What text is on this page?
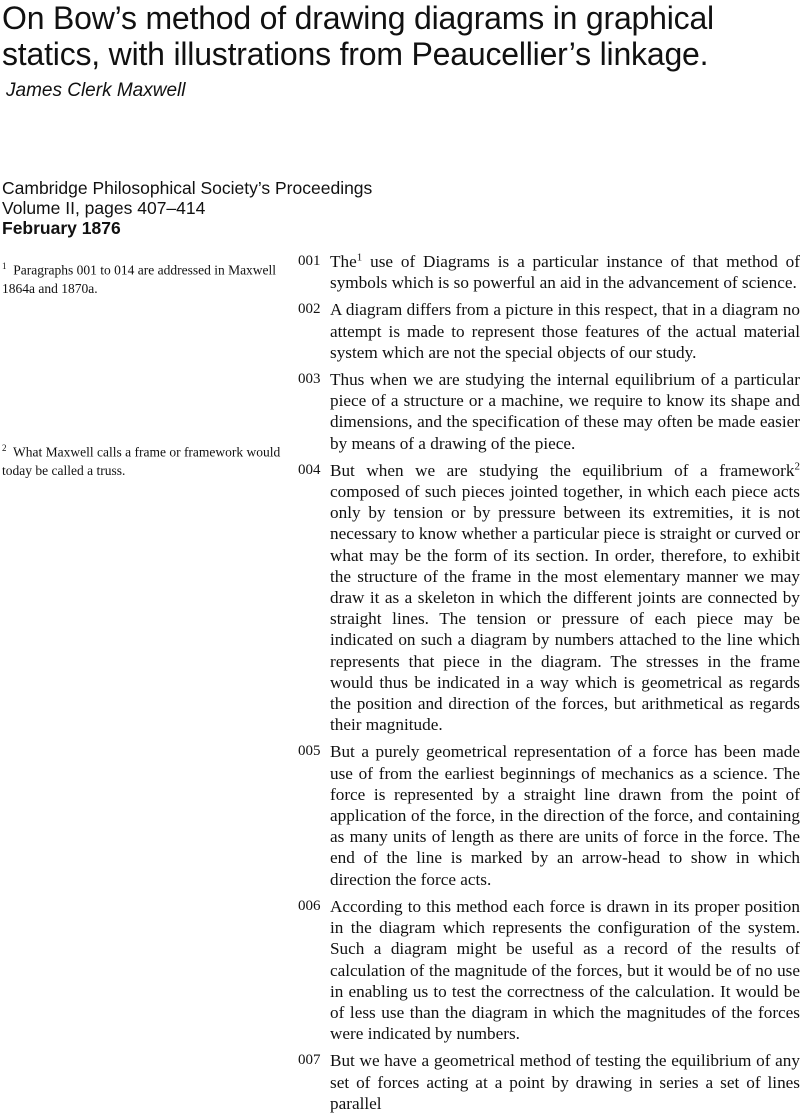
On Bow’s method of drawing diagrams in graphical statics, with illustrations from Peaucellier’s linkage.
James Clerk Maxwell
Cambridge Philosophical Society’s Proceedings
Volume II, pages 407–414
February 1876
$^1$ Paragraphs 001 to 014 are addressed in Maxwell 1864a and 1870a.
$^2$ What Maxwell calls a frame or framework would today be called a truss.
001 The$^1$ use of Diagrams is a particular instance of that method of symbols which is so powerful an aid in the advancement of science.
002 A diagram differs from a picture in this respect, that in a diagram no attempt is made to represent those features of the actual material system which are not the special objects of our study.
003 Thus when we are studying the internal equilibrium of a particular piece of a structure or a machine, we require to know its shape and dimensions, and the specification of these may often be made easier by means of a drawing of the piece.
004 But when we are studying the equilibrium of a framework$^2$ composed of such pieces jointed together, in which each piece acts only by tension or by pressure between its extremities, it is not necessary to know whether a particular piece is straight or curved or what may be the form of its section. In order, therefore, to exhibit the structure of the frame in the most elementary manner we may draw it as a skeleton in which the different joints are connected by straight lines. The tension or pressure of each piece may be indicated on such a diagram by numbers attached to the line which represents that piece in the diagram. The stresses in the frame would thus be indicated in a way which is geometrical as regards the position and direction of the forces, but arithmetical as regards their magnitude.
005 But a purely geometrical representation of a force has been made use of from the earliest beginnings of mechanics as a science. The force is represented by a straight line drawn from the point of application of the force, in the direction of the force, and containing as many units of length as there are units of force in the force. The end of the line is marked by an arrow-head to show in which direction the force acts.
006 According to this method each force is drawn in its proper position in the diagram which represents the configuration of the system. Such a diagram might be useful as a record of the results of calculation of the magnitude of the forces, but it would be of no use in enabling us to test the correctness of the calculation. It would be of less use than the diagram in which the magnitudes of the forces were indicated by numbers.
007 But we have a geometrical method of testing the equilibrium of any set of forces acting at a point by drawing in series a set of lines parallel
